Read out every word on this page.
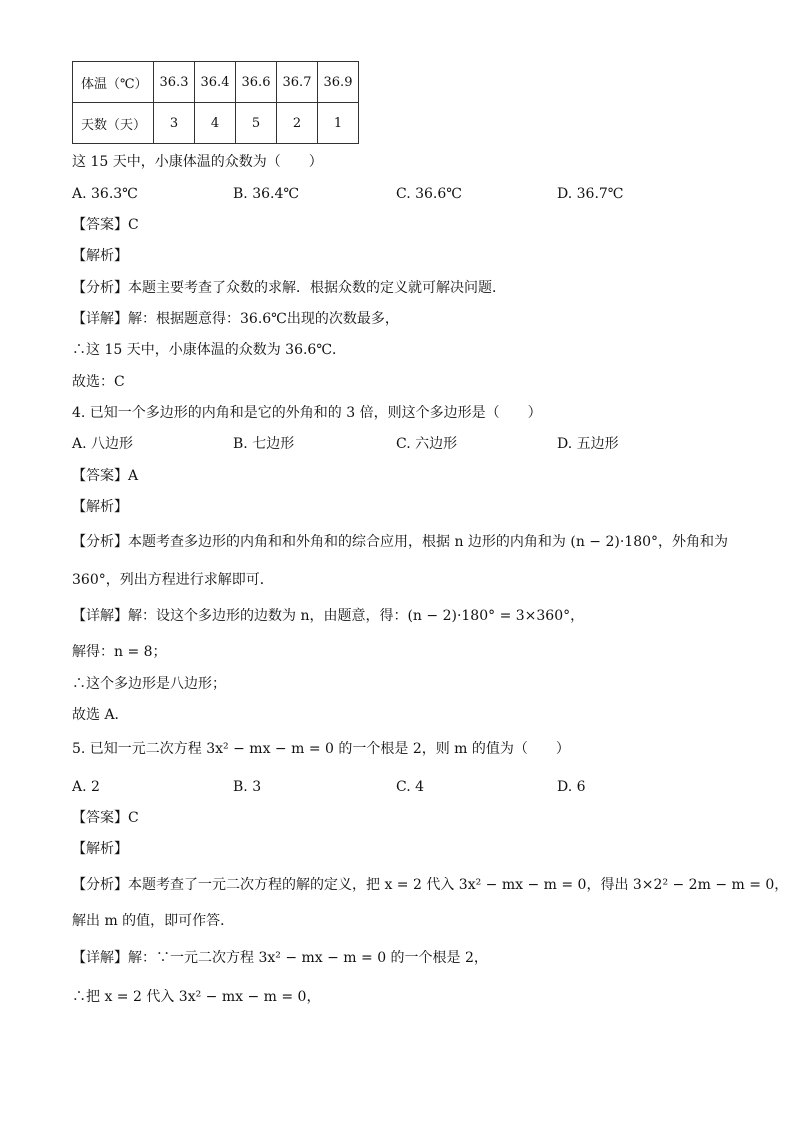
体温（℃）	36.3	36.4	36.6	36.7	36.9
天数（天）	3	4	5	2	1
这 15 天中，小康体温的众数为（　　）
A. 36.3℃	B. 36.4℃	C. 36.6℃	D. 36.7℃
【答案】C
【解析】
【分析】本题主要考查了众数的求解．根据众数的定义就可解决问题．
【详解】解：根据题意得：36.6℃出现的次数最多，
∴这 15 天中，小康体温的众数为 36.6℃．
故选：C
4. 已知一个多边形的内角和是它的外角和的 3 倍，则这个多边形是（　　）
A. 八边形	B. 七边形	C. 六边形	D. 五边形
【答案】A
【解析】
【分析】本题考查多边形的内角和和外角和的综合应用，根据 n 边形的内角和为 (n − 2)·180°，外角和为
360°，列出方程进行求解即可．
【详解】解：设这个多边形的边数为 n，由题意，得：(n − 2)·180° = 3×360°，
解得：n = 8；
∴这个多边形是八边形；
故选 A．
5. 已知一元二次方程 3x² − mx − m = 0 的一个根是 2，则 m 的值为（　　）
A. 2	B. 3	C. 4	D. 6
【答案】C
【解析】
【分析】本题考查了一元二次方程的解的定义，把 x = 2 代入 3x² − mx − m = 0，得出 3×2² − 2m − m = 0，
解出 m 的值，即可作答．
【详解】解：∵一元二次方程 3x² − mx − m = 0 的一个根是 2，
∴把 x = 2 代入 3x² − mx − m = 0，
